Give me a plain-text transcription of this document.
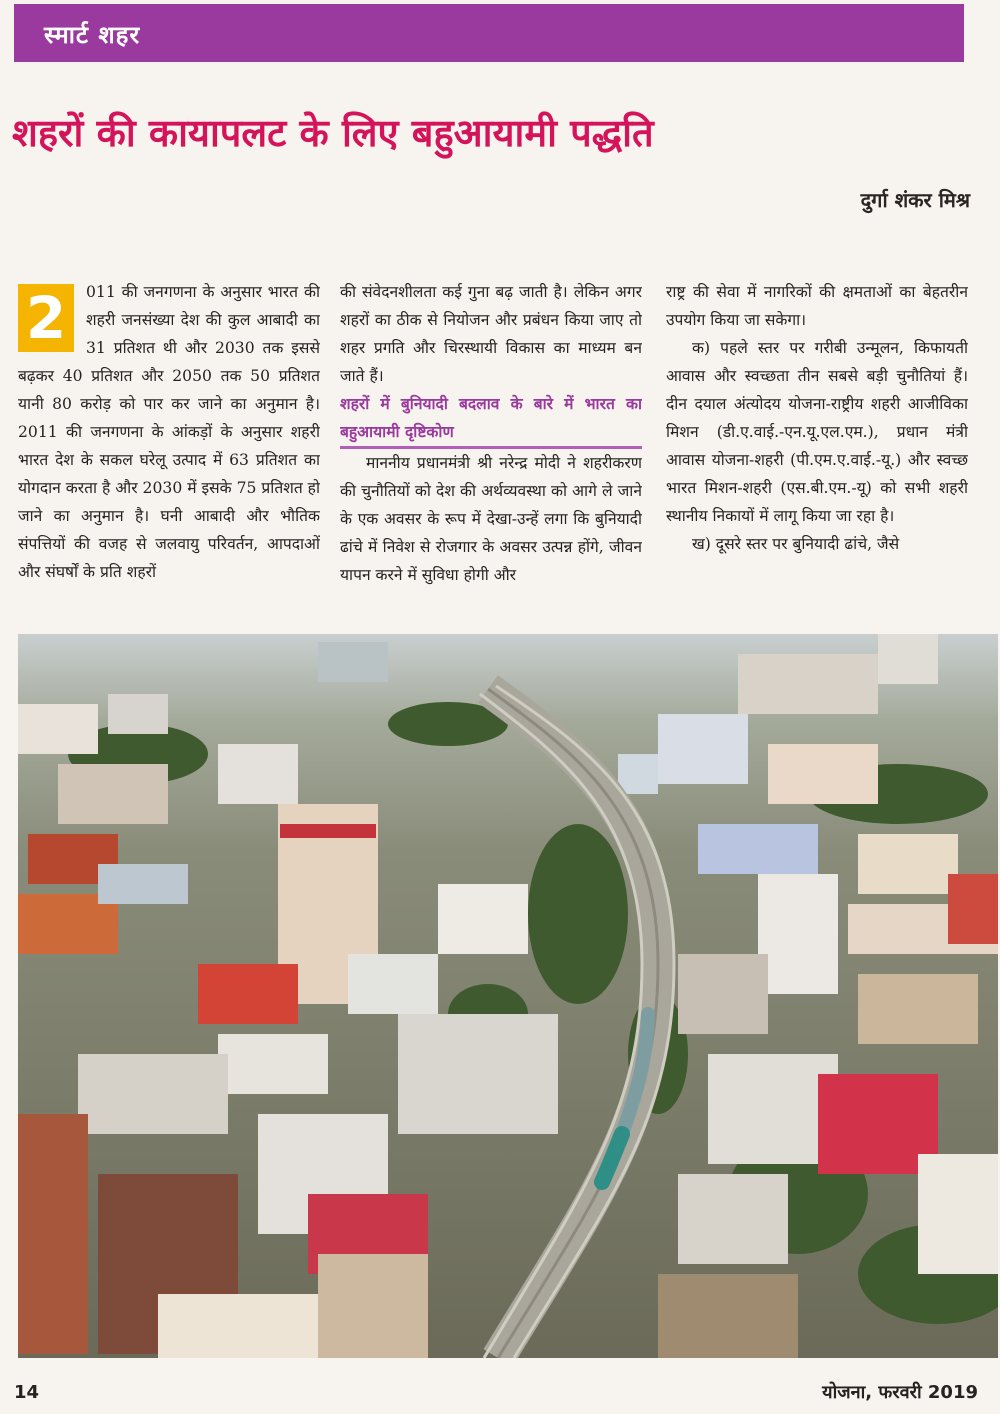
स्मार्ट शहर
शहरों की कायापलट के लिए बहुआयामी पद्धति
दुर्गा शंकर मिश्र
2	011 की जनगणना के अनुसार भारत की शहरी जनसंख्या देश की कुल आबादी का 31 प्रतिशत थी और 2030 तक इससे बढ़कर 40 प्रतिशत और 2050 तक 50 प्रतिशत यानी 80 करोड़ को पार कर जाने का अनुमान है। 2011 की जनगणना के आंकड़ों के अनुसार शहरी भारत देश के सकल घरेलू उत्पाद में 63 प्रतिशत का योगदान करता है और 2030 में इसके 75 प्रतिशत हो जाने का अनुमान है। घनी आबादी और भौतिक संपत्तियों की वजह से जलवायु परिवर्तन, आपदाओं और संघर्षों के प्रति शहरों

की संवेदनशीलता कई गुना बढ़ जाती है। लेकिन अगर शहरों का ठीक से नियोजन और प्रबंधन किया जाए तो शहर प्रगति और चिरस्थायी विकास का माध्यम बन जाते हैं।

शहरों में बुनियादी बदलाव के बारे में भारत का बहुआयामी दृष्टिकोण

माननीय प्रधानमंत्री श्री नरेन्द्र मोदी ने शहरीकरण की चुनौतियों को देश की अर्थव्यवस्था को आगे ले जाने के एक अवसर के रूप में देखा-उन्हें लगा कि बुनियादी ढांचे में निवेश से रोजगार के अवसर उत्पन्न होंगे, जीवन यापन करने में सुविधा होगी और

राष्ट्र की सेवा में नागरिकों की क्षमताओं का बेहतरीन उपयोग किया जा सकेगा।

क) पहले स्तर पर गरीबी उन्मूलन, किफायती आवास और स्वच्छता तीन सबसे बड़ी चुनौतियां हैं। दीन दयाल अंत्योदय योजना-राष्ट्रीय शहरी आजीविका मिशन (डी.ए.वाई.-एन.यू.एल.एम.), प्रधान मंत्री आवास योजना-शहरी (पी.एम.ए.वाई.-यू.) और स्वच्छ भारत मिशन-शहरी (एस.बी.एम.-यू) को सभी शहरी स्थानीय निकायों में लागू किया जा रहा है।

ख) दूसरे स्तर पर बुनियादी ढांचे, जैसे

14	योजना, फरवरी 2019
